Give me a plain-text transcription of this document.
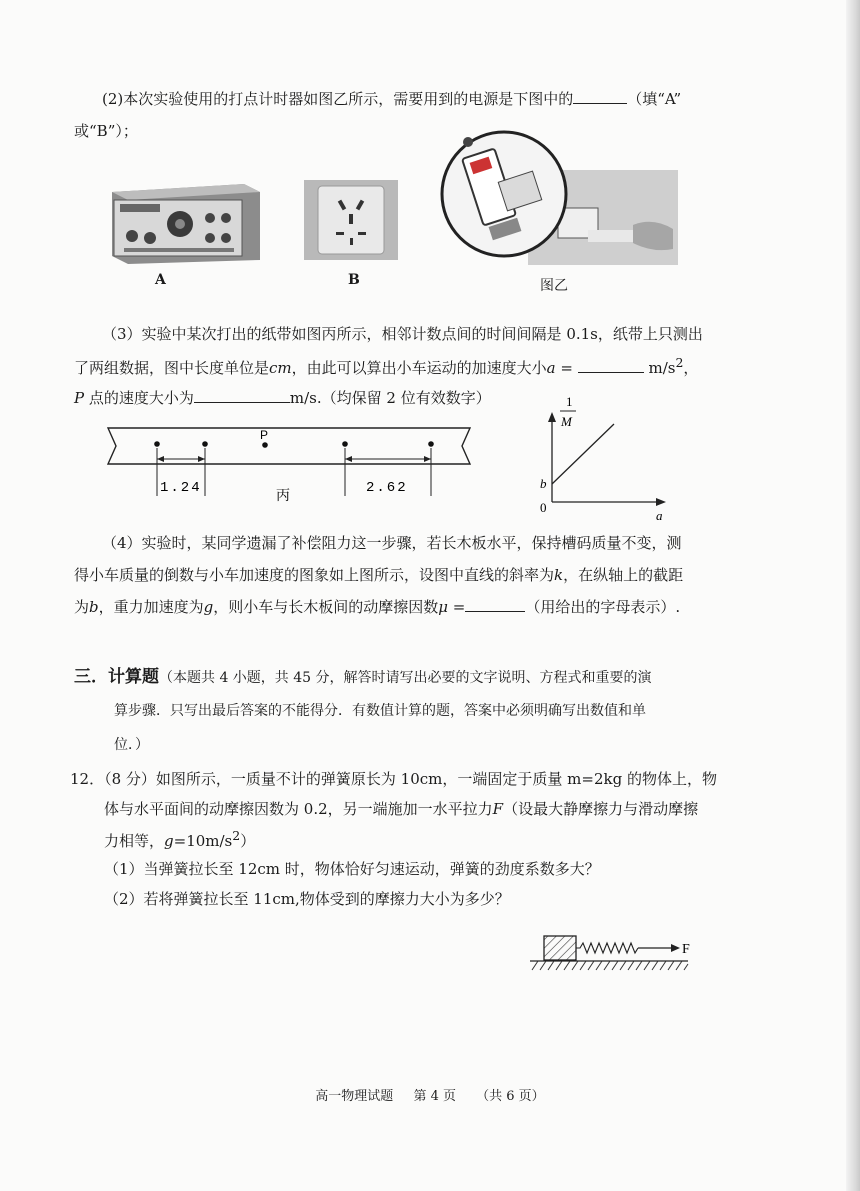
(2)本次实验使用的打点计时器如图乙所示，需要用到的电源是下图中的	（填“A”
或“B”）；
A	B	图乙
（3）实验中某次打出的纸带如图丙所示，相邻计数点间的时间间隔是 0.1s，纸带上只测出
了两组数据，图中长度单位是cm，由此可以算出小车运动的加速度大小a =	$m/s^2$，
P 点的速度大小为	m/s.（均保留 2 位有效数字）
P
1.24	2.62
丙
1
M
b
0
a
（4）实验时，某同学遗漏了补偿阻力这一步骤，若长木板水平，保持槽码质量不变，测
得小车质量的倒数与小车加速度的图象如上图所示，设图中直线的斜率为k，在纵轴上的截距
为b，重力加速度为g，则小车与长木板间的动摩擦因数μ =	（用给出的字母表示）.
三．计算题（本题共 4 小题，共 45 分，解答时请写出必要的文字说明、方程式和重要的演
算步骤．只写出最后答案的不能得分．有数值计算的题，答案中必须明确写出数值和单
位．）
12．（8 分）如图所示，一质量不计的弹簧原长为 10cm，一端固定于质量 m=2kg 的物体上，物
体与水平面间的动摩擦因数为 0.2，另一端施加一水平拉力F（设最大静摩擦力与滑动摩擦
力相等，$g=10m/s^2$）
（1）当弹簧拉长至 12cm 时，物体恰好匀速运动，弹簧的劲度系数多大？
（2）若将弹簧拉长至 11cm,物体受到的摩擦力大小为多少？
F
高一物理试题 第 4 页 （共 6 页）
